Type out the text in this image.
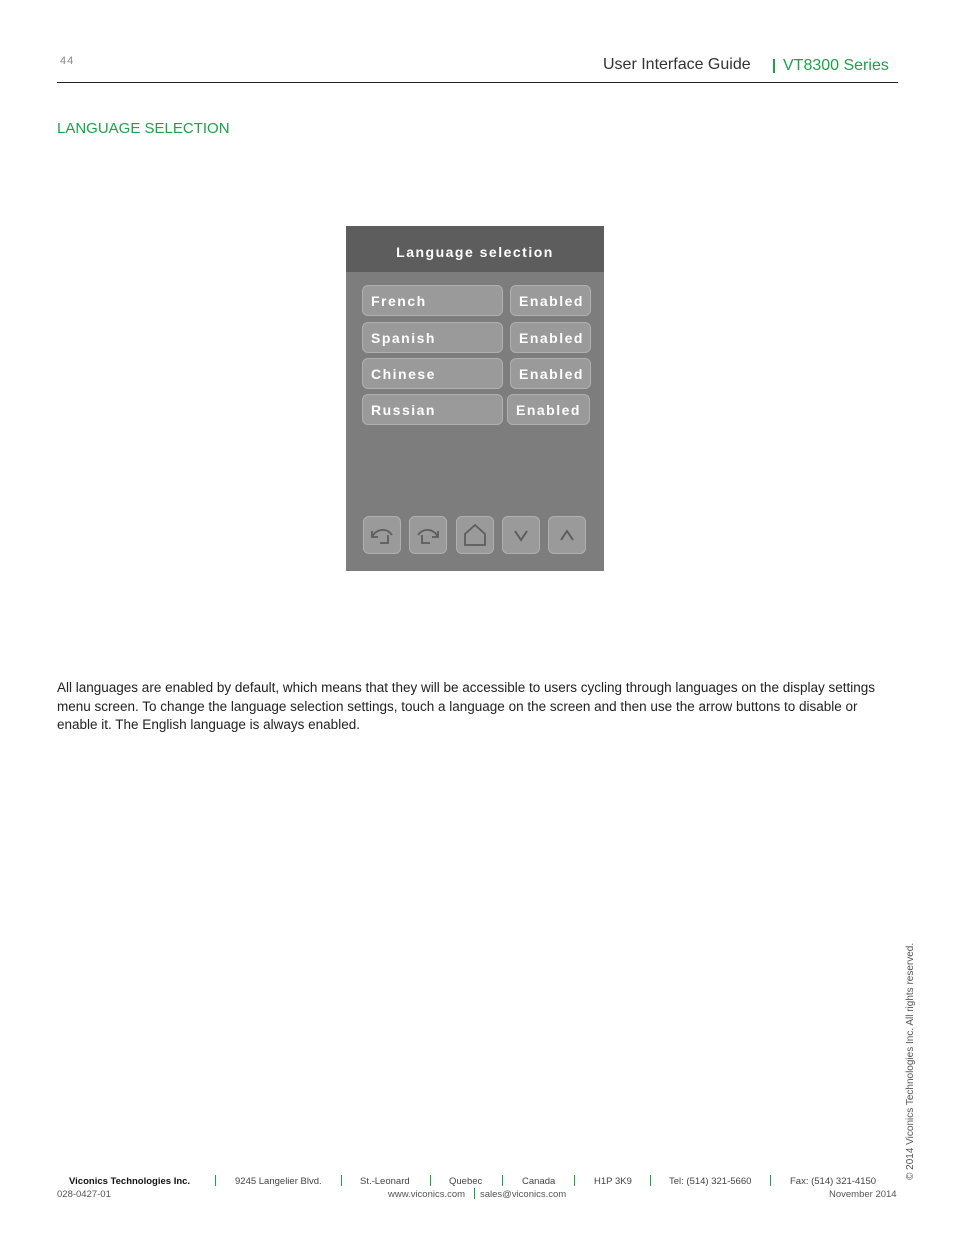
44	User Interface Guide VT8300 Series
LANGUAGE SELECTION
Language selection
French	Enabled
Spanish	Enabled
Chinese	Enabled
Russian	Enabled
All languages are enabled by default, which means that they will be accessible to users cycling through languages on the display settings menu screen. To change the language selection settings, touch a language on the screen and then use the arrow buttons to disable or enable it. The English language is always enabled.
© 2014 Viconics Technologies Inc. All rights reserved.
Viconics Technologies Inc.	9245 Langelier Blvd.	St.-Leonard	Quebec	Canada	H1P 3K9	Tel: (514) 321-5660	Fax: (514) 321-4150
028-0427-01	www.viconics.com sales@viconics.com	November 2014
